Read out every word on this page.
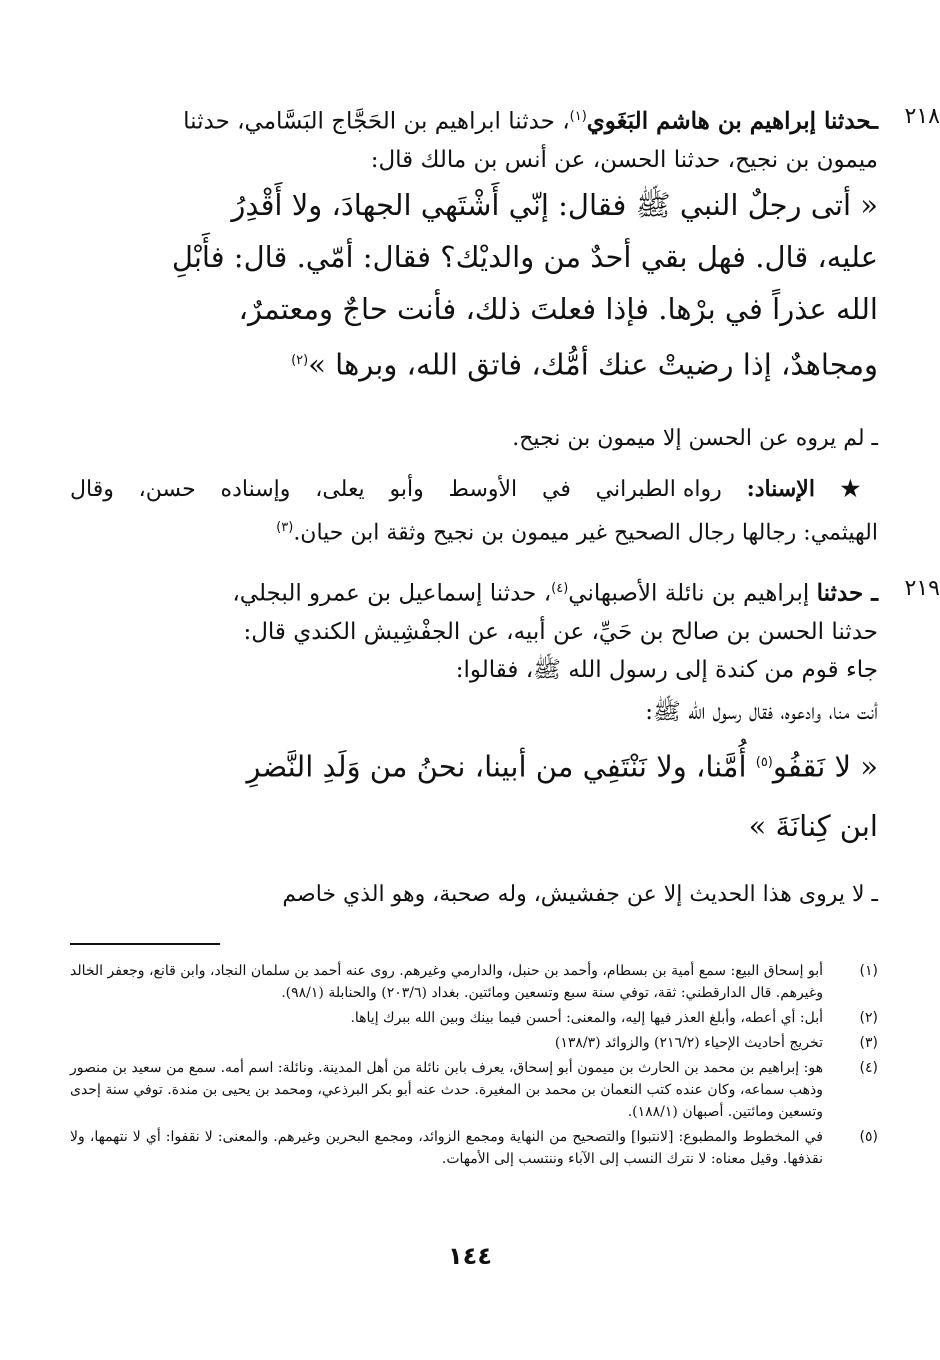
٢١٨

ـحدثنا إبراهيم بن هاشم البَغَوي$^{(١)}$، حدثنا ابراهيم بن الحَجَّاج البَسَّامي، حدثنا

ميمون بن نجيح، حدثنا الحسن، عن أنس بن مالك قال:

« أتى رجلٌ النبي ﷺ فقال: إنّي أَشْتَهي الجهادَ، ولا أَقْدِرُ

عليه، قال. فهل بقي أحدٌ من والديْك؟ فقال: أمّي. قال: فأَبْلِ

الله عذراً في برْها. فإذا فعلتَ ذلك، فأنت حاجٌ ومعتمرٌ،

ومجاهدٌ، إذا رضيتْ عنك أمُّك، فاتق الله، وبرها »$^{(٢)}$

ـ لم يروه عن الحسن إلا ميمون بن نجيح.
★ الإسناد: رواه الطبراني في الأوسط وأبو يعلى، وإسناده حسن، وقال
الهيثمي: رجالها رجال الصحيح غير ميمون بن نجيح وثقة ابن حيان.$^{(٣)}$
٢١٩

ـ حدثنا إبراهيم بن نائلة الأصبهاني$^{(٤)}$، حدثنا إسماعيل بن عمرو البجلي،

حدثنا الحسن بن صالح بن حَيِّ، عن أبيه، عن الجفْشِيش الكندي قال:

جاء قوم من كندة إلى رسول الله ﷺ، فقالوا:

أنت منا، وادعوه، فقال رسول الله ﷺ:

« لا نَقفُو$^{(٥)}$ أُمَّنا، ولا نَنْتَفِي من أبينا، نحنُ من وَلَدِ النَّضرِ

ابن كِنانَةَ »

ـ لا يروى هذا الحديث إلا عن جفشيش، وله صحبة، وهو الذي خاصم
(١)
أبو إسحاق البيع: سمع أمية بن بسطام، وأحمد بن حنبل، والدارمي وغيرهم. روى عنه أحمد بن سلمان النجاد، وابن قانع، وجعفر الخالد وغيرهم. قال الدارقطني: ثقة، توفي سنة سبع وتسعين ومائتين. بغداد (٢٠٣/٦) والحنابلة (٩٨/١).
(٢)
أبل: أي أعطه، وأبلغ العذر فيها إليه، والمعنى: أحسن فيما بينك وبين الله ببرك إياها.
(٣)
تخريج أحاديث الإحياء (٢١٦/٢) والزوائد (١٣٨/٣)
(٤)
هو: إبراهيم بن محمد بن الحارث بن ميمون أبو إسحاق، يعرف بابن نائلة من أهل المدينة. ونائلة: اسم أمه. سمع من سعيد بن منصور وذهب سماعه، وكان عنده كتب النعمان بن محمد بن المغيرة. حدث عنه أبو بكر البرذعي، ومحمد بن يحيى بن مندة. توفي سنة إحدى وتسعين ومائتين. أصبهان (١٨٨/١).
(٥)
في المخطوط والمطبوع: [لانتبوا] والتصحيح من النهاية ومجمع الزوائد، ومجمع البحرين وغيرهم. والمعنى: لا نقفوا: أي لا نتهمها، ولا نقذفها. وقيل معناه: لا نترك النسب إلى الآباء وننتسب إلى الأمهات.
١٤٤
